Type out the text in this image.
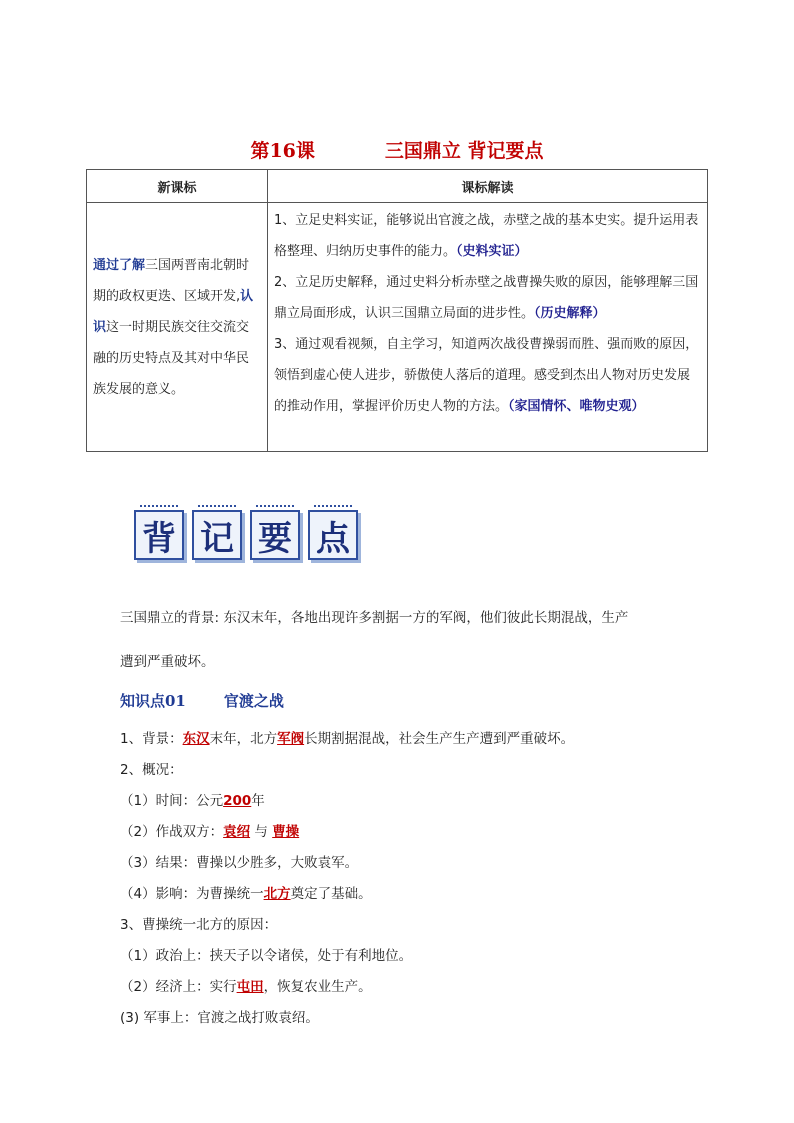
第16课	三国鼎立 背记要点
新课标	课标解读
通过了解三国两晋南北朝时期的政权更迭、区域开发,认识这一时期民族交往交流交融的历史特点及其对中华民族发展的意义。	1、立足史料实证，能够说出官渡之战，赤壁之战的基本史实。提升运用表格整理、归纳历史事件的能力。（史料实证）
2、立足历史解释，通过史料分析赤壁之战曹操失败的原因，能够理解三国鼎立局面形成，认识三国鼎立局面的进步性。（历史解释）
3、通过观看视频，自主学习，知道两次战役曹操弱而胜、强而败的原因，领悟到虚心使人进步，骄傲使人落后的道理。感受到杰出人物对历史发展的推动作用，掌握评价历史人物的方法。（家国情怀、唯物史观）
背 记 要 点
三国鼎立的背景: 东汉末年，各地出现许多割据一方的军阀，他们彼此长期混战，生产
遭到严重破坏。
知识点01	官渡之战
1、背景：东汉末年，北方军阀长期割据混战，社会生产生产遭到严重破坏。
2、概况：
（1）时间：公元200年
（2）作战双方：袁绍 与 曹操
（3）结果：曹操以少胜多，大败袁军。
（4）影响：为曹操统一北方奠定了基础。
3、曹操统一北方的原因：
（1）政治上：挟天子以令诸侯，处于有利地位。
（2）经济上：实行屯田，恢复农业生产。
(3) 军事上：官渡之战打败袁绍。
